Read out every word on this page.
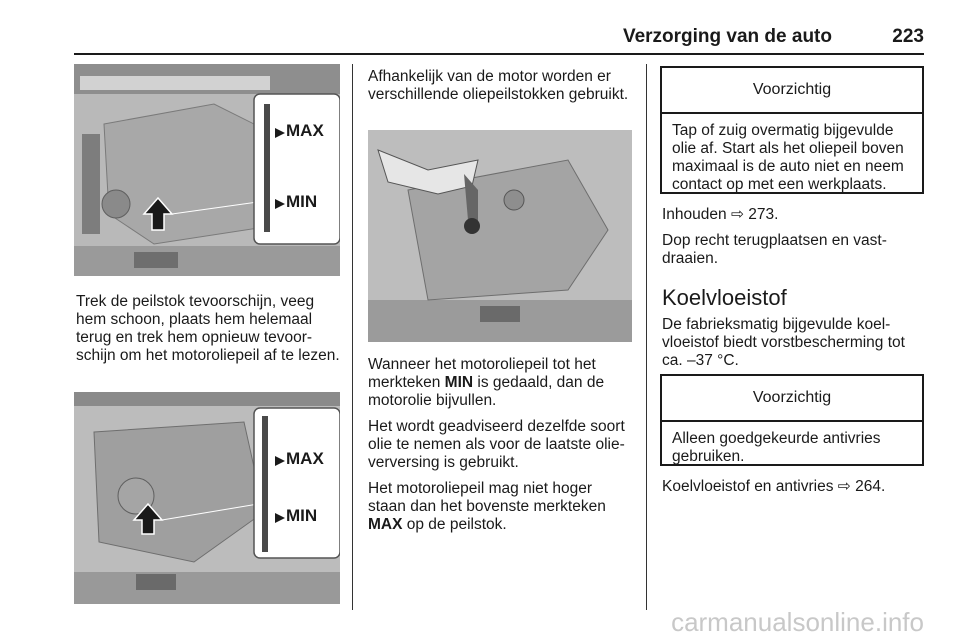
Verzorging van de auto	223
MAX
MIN

Trek de peilstok tevoorschijn, veeg hem schoon, plaats hem helemaal terug en trek hem opnieuw tevoor-schijn om het motoroliepeil af te lezen.

MAX
MIN

Afhankelijk van de motor worden er verschillende oliepeilstokken gebruikt.

Wanneer het motoroliepeil tot het merkteken MIN is gedaald, dan de motorolie bijvullen.

Het wordt geadviseerd dezelfde soort olie te nemen als voor de laatste olie-verversing is gebruikt.

Het motoroliepeil mag niet hoger staan dan het bovenste merkteken MAX op de peilstok.

Voorzichtig
Tap of zuig overmatig bijgevulde olie af. Start als het oliepeil boven maximaal is de auto niet en neem contact op met een werkplaats.

Inhouden ⇨ 273.

Dop recht terugplaatsen en vast-draaien.

Koelvloeistof

De fabrieksmatig bijgevulde koel-vloeistof biedt vorstbescherming tot ca. –37 °C.

Voorzichtig
Alleen goedgekeurde antivries gebruiken.

Koelvloeistof en antivries ⇨ 264.

carmanualsonline.info
